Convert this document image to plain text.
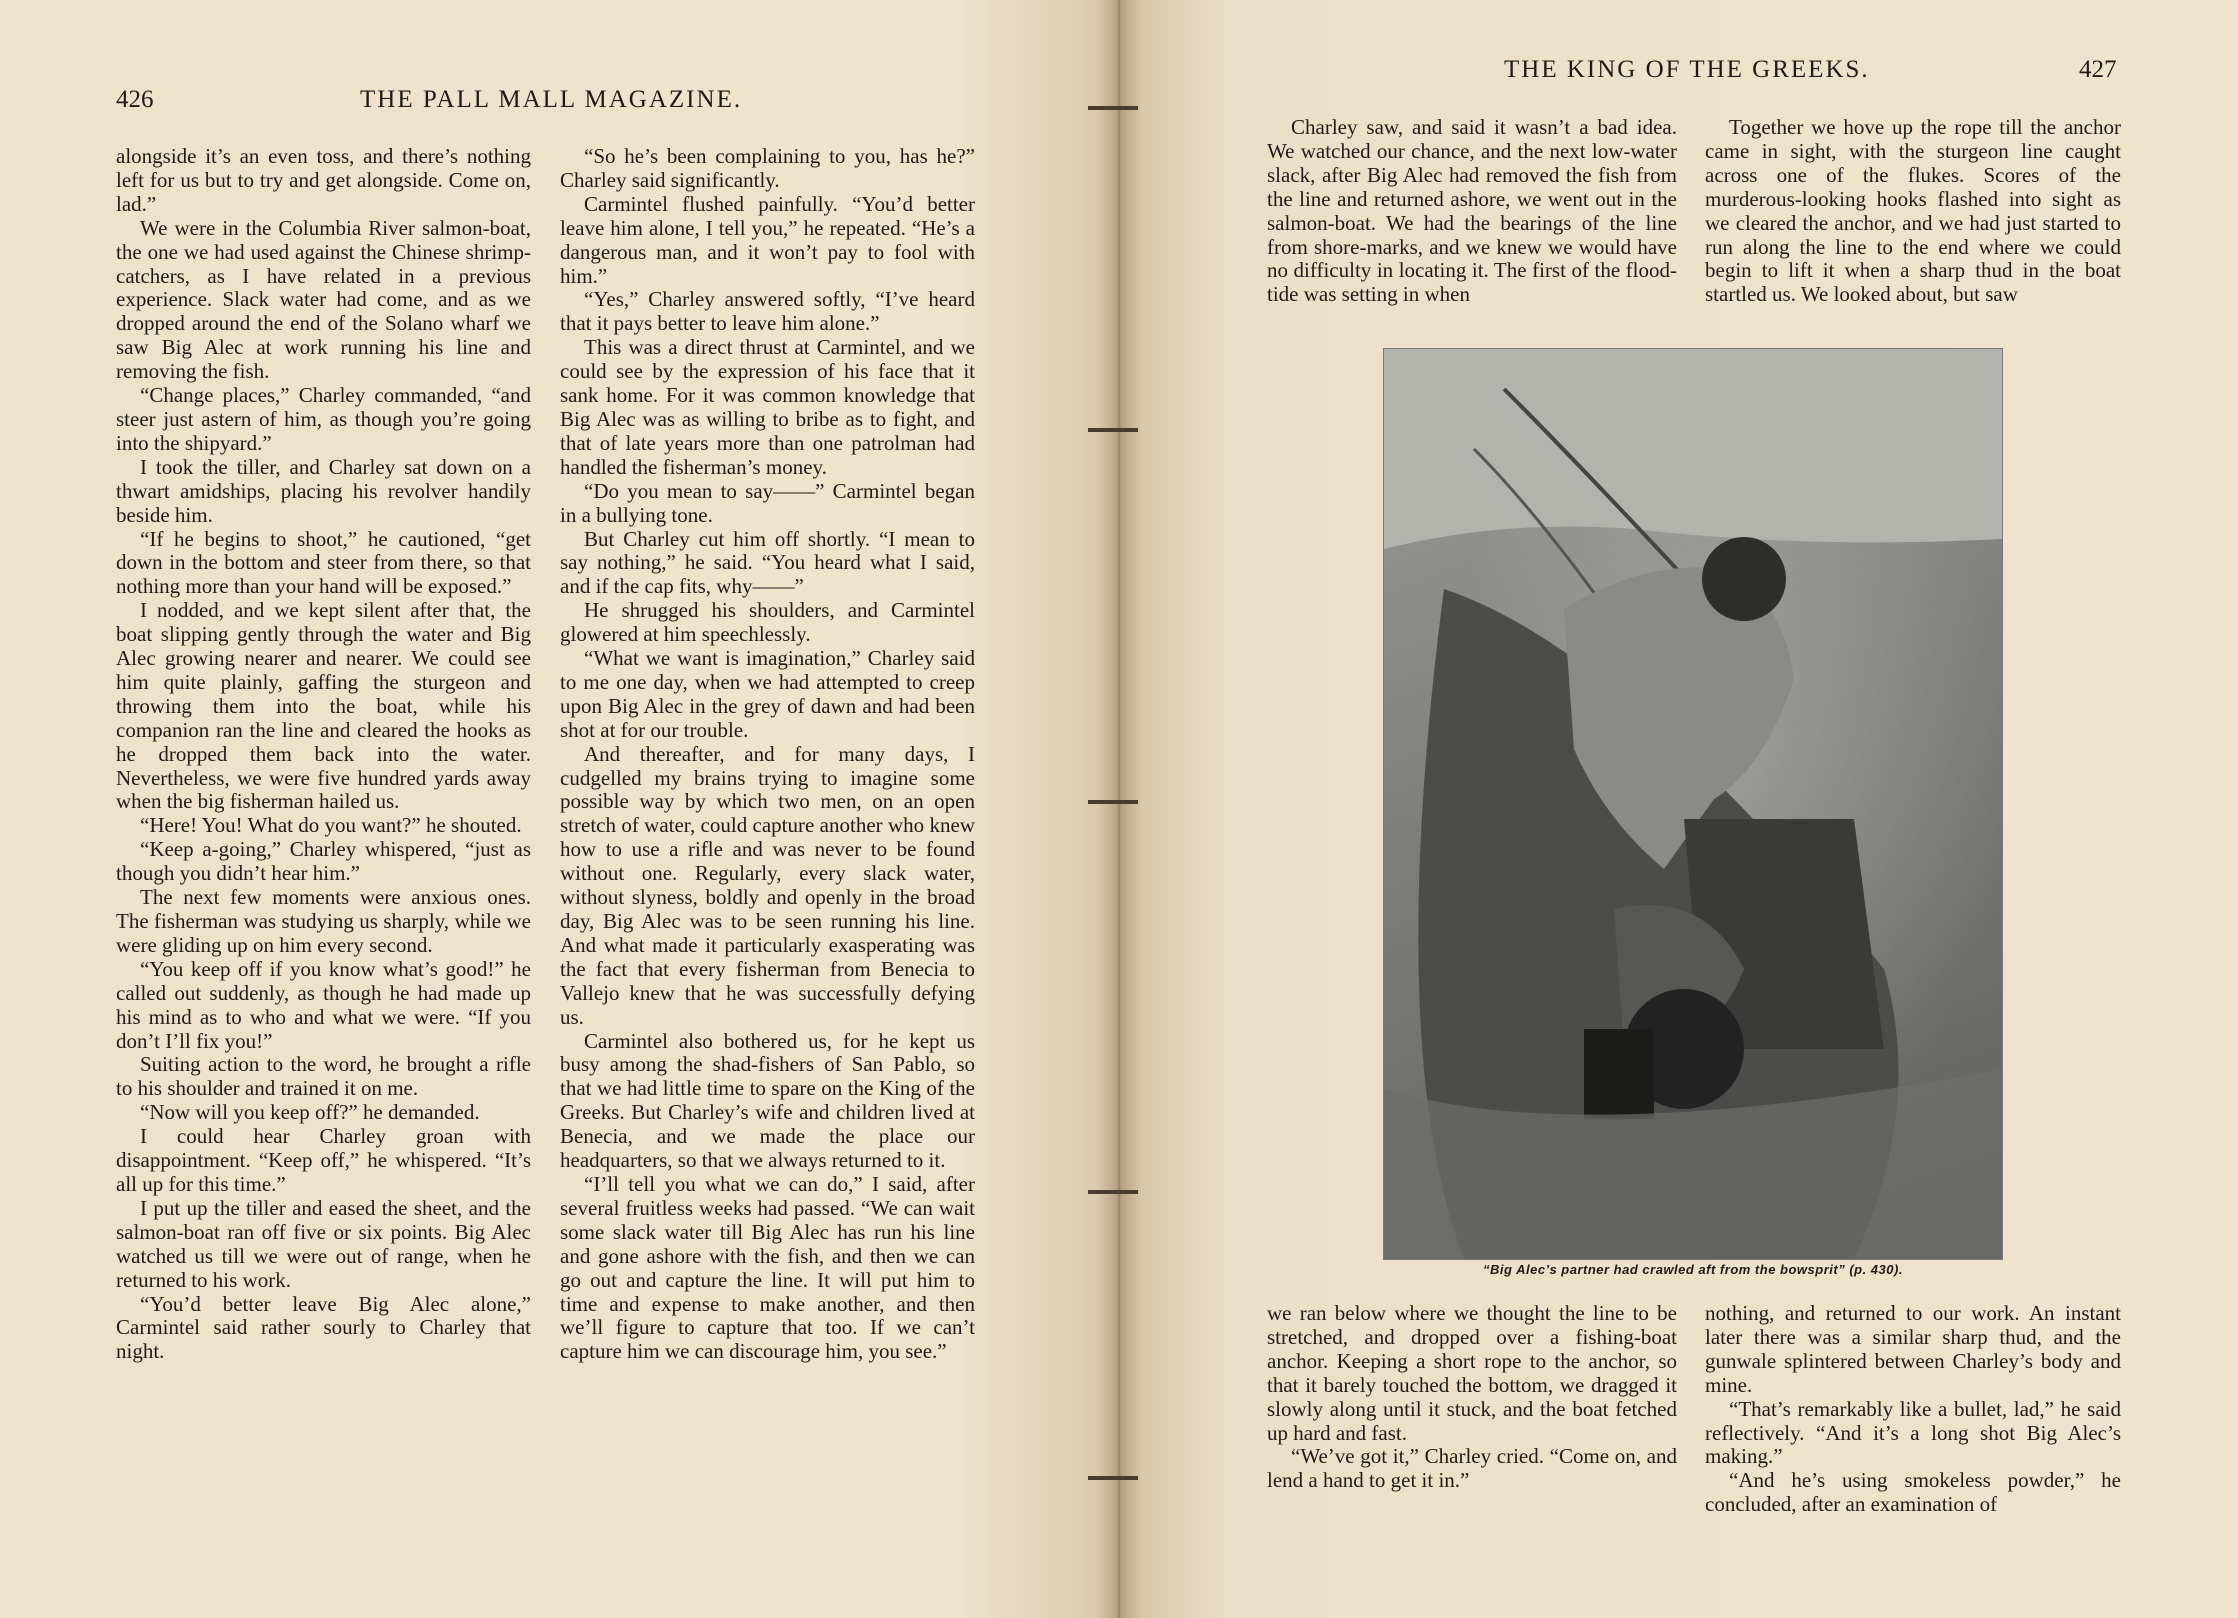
426	THE PALL MALL MAGAZINE.

alongside it’s an even toss, and there’s nothing left for us but to try and get alongside. Come on, lad.”

We were in the Columbia River salmon-boat, the one we had used against the Chinese shrimp-catchers, as I have related in a previous experience. Slack water had come, and as we dropped around the end of the Solano wharf we saw Big Alec at work running his line and removing the fish.

“Change places,” Charley commanded, “and steer just astern of him, as though you’re going into the shipyard.”

I took the tiller, and Charley sat down on a thwart amidships, placing his revolver handily beside him.

“If he begins to shoot,” he cautioned, “get down in the bottom and steer from there, so that nothing more than your hand will be exposed.”

I nodded, and we kept silent after that, the boat slipping gently through the water and Big Alec growing nearer and nearer. We could see him quite plainly, gaffing the sturgeon and throwing them into the boat, while his companion ran the line and cleared the hooks as he dropped them back into the water. Nevertheless, we were five hundred yards away when the big fisherman hailed us.

“Here! You! What do you want?” he shouted.

“Keep a-going,” Charley whispered, “just as though you didn’t hear him.”

The next few moments were anxious ones. The fisherman was studying us sharply, while we were gliding up on him every second.

“You keep off if you know what’s good!” he called out suddenly, as though he had made up his mind as to who and what we were. “If you don’t I’ll fix you!”

Suiting action to the word, he brought a rifle to his shoulder and trained it on me.

“Now will you keep off?” he demanded.

I could hear Charley groan with disappointment. “Keep off,” he whispered. “It’s all up for this time.”

I put up the tiller and eased the sheet, and the salmon-boat ran off five or six points. Big Alec watched us till we were out of range, when he returned to his work.

“You’d better leave Big Alec alone,” Carmintel said rather sourly to Charley that night.

“So he’s been complaining to you, has he?” Charley said significantly.

Carmintel flushed painfully. “You’d better leave him alone, I tell you,” he repeated. “He’s a dangerous man, and it won’t pay to fool with him.”

“Yes,” Charley answered softly, “I’ve heard that it pays better to leave him alone.”

This was a direct thrust at Carmintel, and we could see by the expression of his face that it sank home. For it was common knowledge that Big Alec was as willing to bribe as to fight, and that of late years more than one patrolman had handled the fisherman’s money.

“Do you mean to say——” Carmintel began in a bullying tone.

But Charley cut him off shortly. “I mean to say nothing,” he said. “You heard what I said, and if the cap fits, why——”

He shrugged his shoulders, and Carmintel glowered at him speechlessly.

“What we want is imagination,” Charley said to me one day, when we had attempted to creep upon Big Alec in the grey of dawn and had been shot at for our trouble.

And thereafter, and for many days, I cudgelled my brains trying to imagine some possible way by which two men, on an open stretch of water, could capture another who knew how to use a rifle and was never to be found without one. Regularly, every slack water, without slyness, boldly and openly in the broad day, Big Alec was to be seen running his line. And what made it particularly exasperating was the fact that every fisherman from Benecia to Vallejo knew that he was successfully defying us.

Carmintel also bothered us, for he kept us busy among the shad-fishers of San Pablo, so that we had little time to spare on the King of the Greeks. But Charley’s wife and children lived at Benecia, and we made the place our headquarters, so that we always returned to it.

“I’ll tell you what we can do,” I said, after several fruitless weeks had passed. “We can wait some slack water till Big Alec has run his line and gone ashore with the fish, and then we can go out and capture the line. It will put him to time and expense to make another, and then we’ll figure to capture that too. If we can’t capture him we can discourage him, you see.”

THE KING OF THE GREEKS.	427

Charley saw, and said it wasn’t a bad idea. We watched our chance, and the next low-water slack, after Big Alec had removed the fish from the line and returned ashore, we went out in the salmon-boat. We had the bearings of the line from shore-marks, and we knew we would have no difficulty in locating it. The first of the flood-tide was setting in when

Together we hove up the rope till the anchor came in sight, with the sturgeon line caught across one of the flukes. Scores of the murderous-looking hooks flashed into sight as we cleared the anchor, and we had just started to run along the line to the end where we could begin to lift it when a sharp thud in the boat startled us. We looked about, but saw

“Big Alec’s partner had crawled aft from the bowsprit” (p. 430).

we ran below where we thought the line to be stretched, and dropped over a fishing-boat anchor. Keeping a short rope to the anchor, so that it barely touched the bottom, we dragged it slowly along until it stuck, and the boat fetched up hard and fast.

“We’ve got it,” Charley cried. “Come on, and lend a hand to get it in.”

nothing, and returned to our work. An instant later there was a similar sharp thud, and the gunwale splintered between Charley’s body and mine.

“That’s remarkably like a bullet, lad,” he said reflectively. “And it’s a long shot Big Alec’s making.”

“And he’s using smokeless powder,” he concluded, after an examination of
